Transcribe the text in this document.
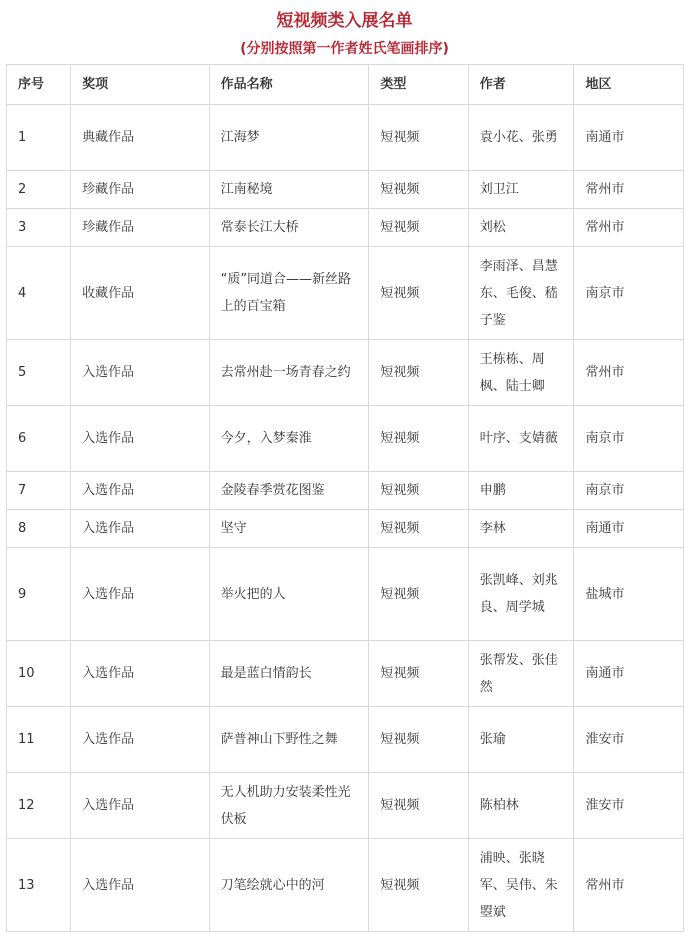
短视频类入展名单
(分别按照第一作者姓氏笔画排序)
序号	奖项	作品名称	类型	作者	地区
1	典藏作品	江海梦	短视频	袁小花、张勇	南通市
2	珍藏作品	江南秘境	短视频	刘卫江	常州市
3	珍藏作品	常泰长江大桥	短视频	刘松	常州市
4	收藏作品	“质”同道合——新丝路上的百宝箱	短视频	李雨泽、昌慧东、毛俊、嵇子鉴	南京市
5	入选作品	去常州赴一场青春之约	短视频	王栋栋、周枫、陆士卿	常州市
6	入选作品	今夕，入梦秦淮	短视频	叶序、支婧薇	南京市
7	入选作品	金陵春季赏花图鉴	短视频	申鹏	南京市
8	入选作品	坚守	短视频	李林	南通市
9	入选作品	举火把的人	短视频	张凯峰、刘兆良、周学城	盐城市
10	入选作品	最是蓝白情韵长	短视频	张帮发、张佳然	南通市
11	入选作品	萨普神山下野性之舞	短视频	张瑜	淮安市
12	入选作品	无人机助力安装柔性光伏板	短视频	陈柏林	淮安市
13	入选作品	刀笔绘就心中的河	短视频	浦映、张晓军、吴伟、朱曌斌	常州市
